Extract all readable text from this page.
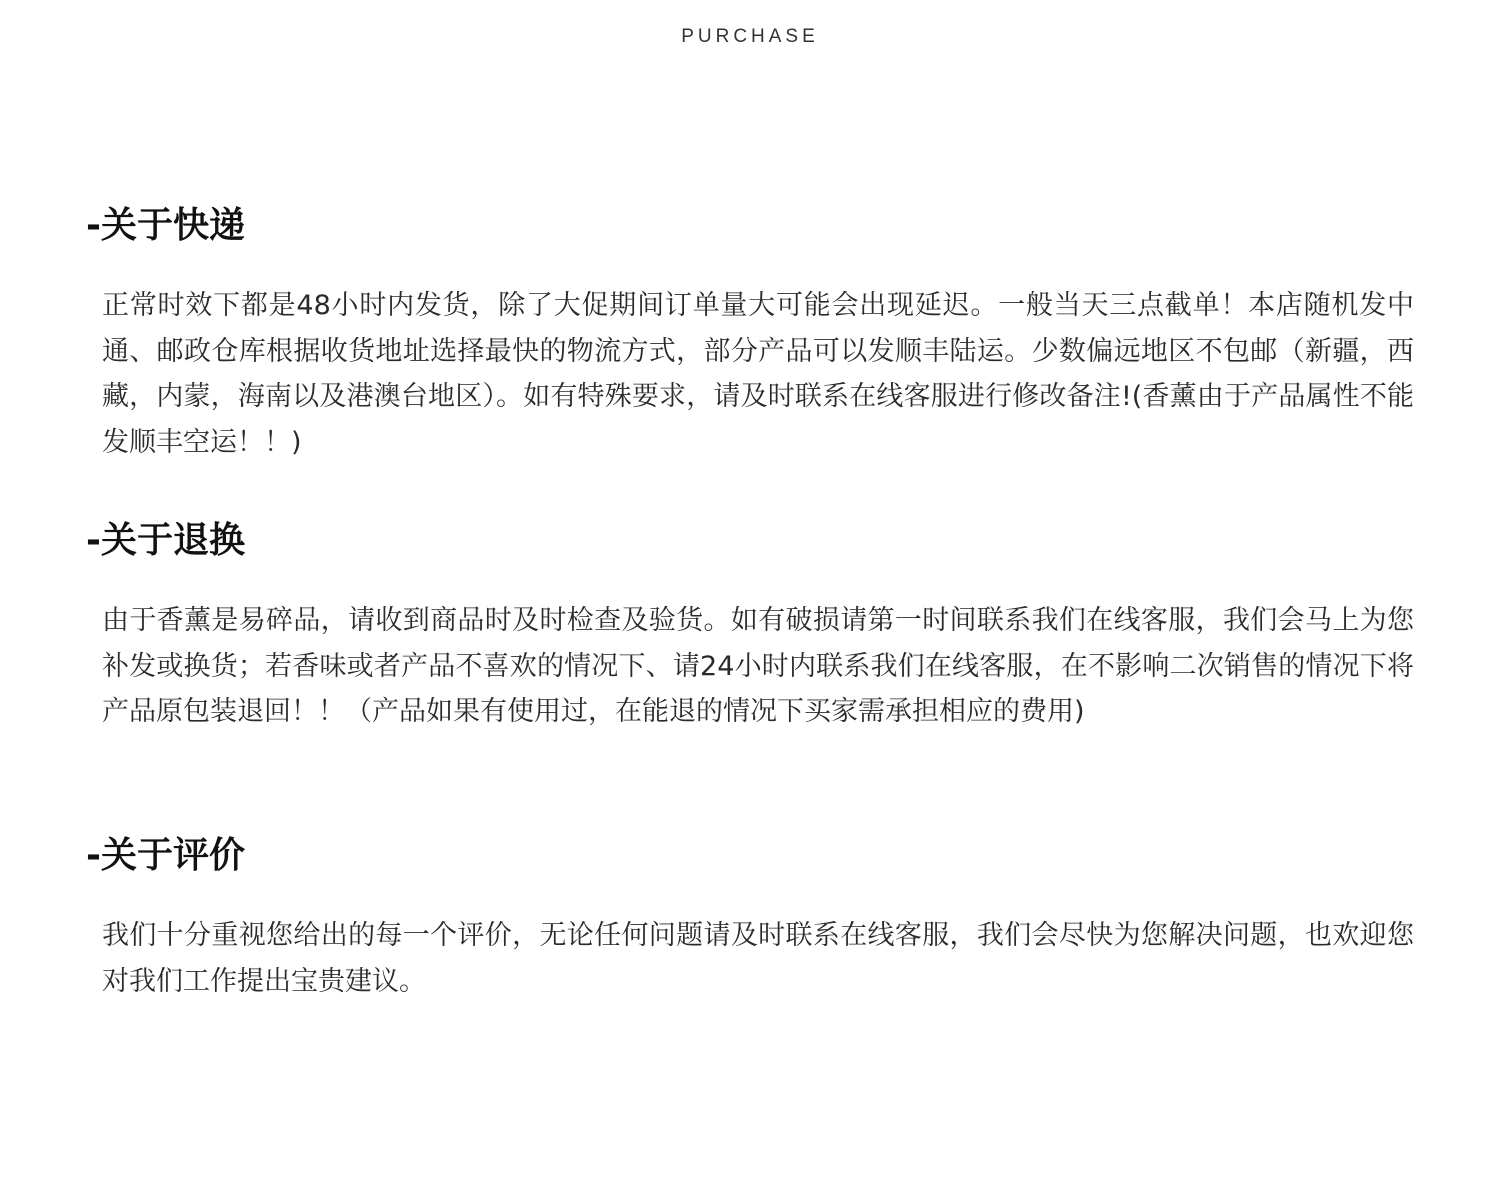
PURCHASE
-关于快递

正常时效下都是48小时内发货，除了大促期间订单量大可能会出现延迟。一般当天三点截单！本店随机发中通、邮政仓库根据收货地址选择最快的物流方式，部分产品可以发顺丰陆运。少数偏远地区不包邮（新疆，西藏，内蒙，海南以及港澳台地区）。如有特殊要求，请及时联系在线客服进行修改备注!(香薰由于产品属性不能发顺丰空运！！)

-关于退换

由于香薰是易碎品，请收到商品时及时检查及验货。如有破损请第一时间联系我们在线客服，我们会马上为您补发或换货；若香味或者产品不喜欢的情况下、请24小时内联系我们在线客服，在不影响二次销售的情况下将产品原包装退回！！（产品如果有使用过，在能退的情况下买家需承担相应的费用)

-关于评价

我们十分重视您给出的每一个评价，无论任何问题请及时联系在线客服，我们会尽快为您解决问题，也欢迎您对我们工作提出宝贵建议。
